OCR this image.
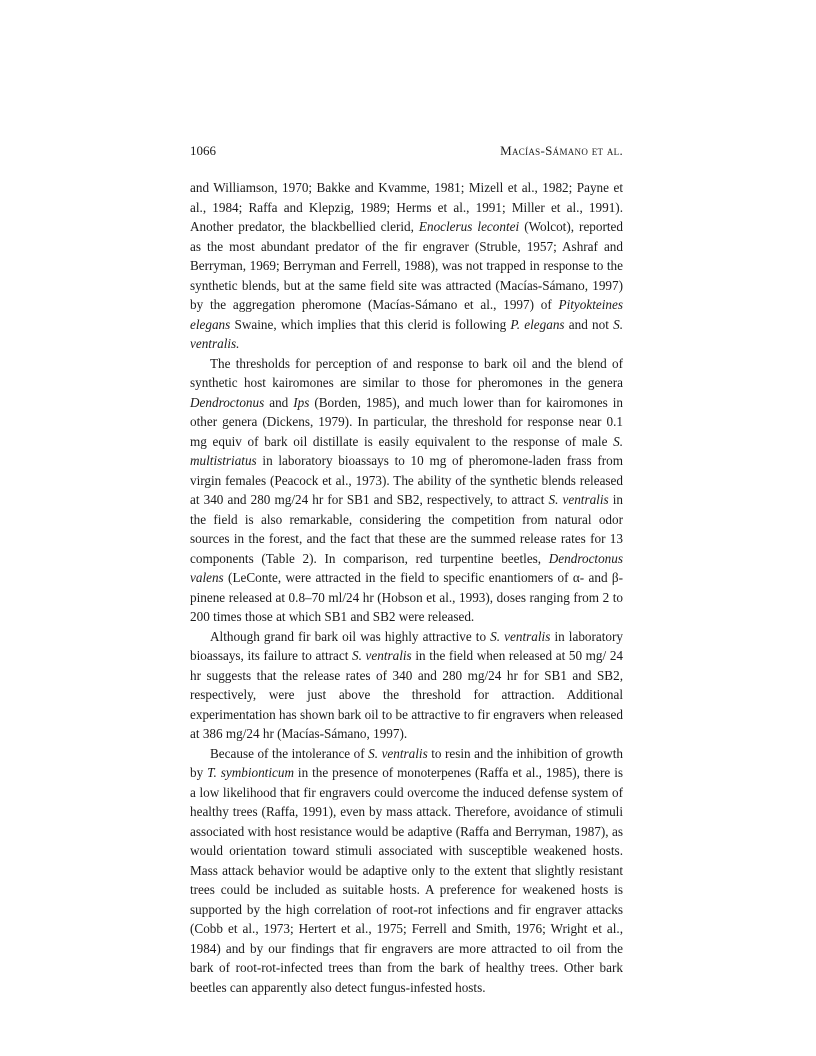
1066	Macías-Sámano et al.

and Williamson, 1970; Bakke and Kvamme, 1981; Mizell et al., 1982; Payne et al., 1984; Raffa and Klepzig, 1989; Herms et al., 1991; Miller et al., 1991). Another predator, the blackbellied clerid, Enoclerus lecontei (Wolcot), reported as the most abundant predator of the fir engraver (Struble, 1957; Ashraf and Berryman, 1969; Berryman and Ferrell, 1988), was not trapped in response to the synthetic blends, but at the same field site was attracted (Macías-Sámano, 1997) by the aggregation pheromone (Macías-Sámano et al., 1997) of Pityokteines elegans Swaine, which implies that this clerid is following P. elegans and not S. ventralis.

The thresholds for perception of and response to bark oil and the blend of synthetic host kairomones are similar to those for pheromones in the genera Dendroctonus and Ips (Borden, 1985), and much lower than for kairomones in other genera (Dickens, 1979). In particular, the threshold for response near 0.1 mg equiv of bark oil distillate is easily equivalent to the response of male S. multistriatus in laboratory bioassays to 10 mg of pheromone-laden frass from virgin females (Peacock et al., 1973). The ability of the synthetic blends released at 340 and 280 mg/24 hr for SB1 and SB2, respectively, to attract S. ventralis in the field is also remarkable, considering the competition from natural odor sources in the forest, and the fact that these are the summed release rates for 13 components (Table 2). In comparison, red turpentine beetles, Dendroctonus valens (LeConte, were attracted in the field to specific enantiomers of α- and β-pinene released at 0.8–70 ml/24 hr (Hobson et al., 1993), doses ranging from 2 to 200 times those at which SB1 and SB2 were released.

Although grand fir bark oil was highly attractive to S. ventralis in laboratory bioassays, its failure to attract S. ventralis in the field when released at 50 mg/ 24 hr suggests that the release rates of 340 and 280 mg/24 hr for SB1 and SB2, respectively, were just above the threshold for attraction. Additional experimentation has shown bark oil to be attractive to fir engravers when released at 386 mg/24 hr (Macías-Sámano, 1997).

Because of the intolerance of S. ventralis to resin and the inhibition of growth by T. symbionticum in the presence of monoterpenes (Raffa et al., 1985), there is a low likelihood that fir engravers could overcome the induced defense system of healthy trees (Raffa, 1991), even by mass attack. Therefore, avoidance of stimuli associated with host resistance would be adaptive (Raffa and Berryman, 1987), as would orientation toward stimuli associated with susceptible weakened hosts. Mass attack behavior would be adaptive only to the extent that slightly resistant trees could be included as suitable hosts. A preference for weakened hosts is supported by the high correlation of root-rot infections and fir engraver attacks (Cobb et al., 1973; Hertert et al., 1975; Ferrell and Smith, 1976; Wright et al., 1984) and by our findings that fir engravers are more attracted to oil from the bark of root-rot-infected trees than from the bark of healthy trees. Other bark beetles can apparently also detect fungus-infested hosts.
